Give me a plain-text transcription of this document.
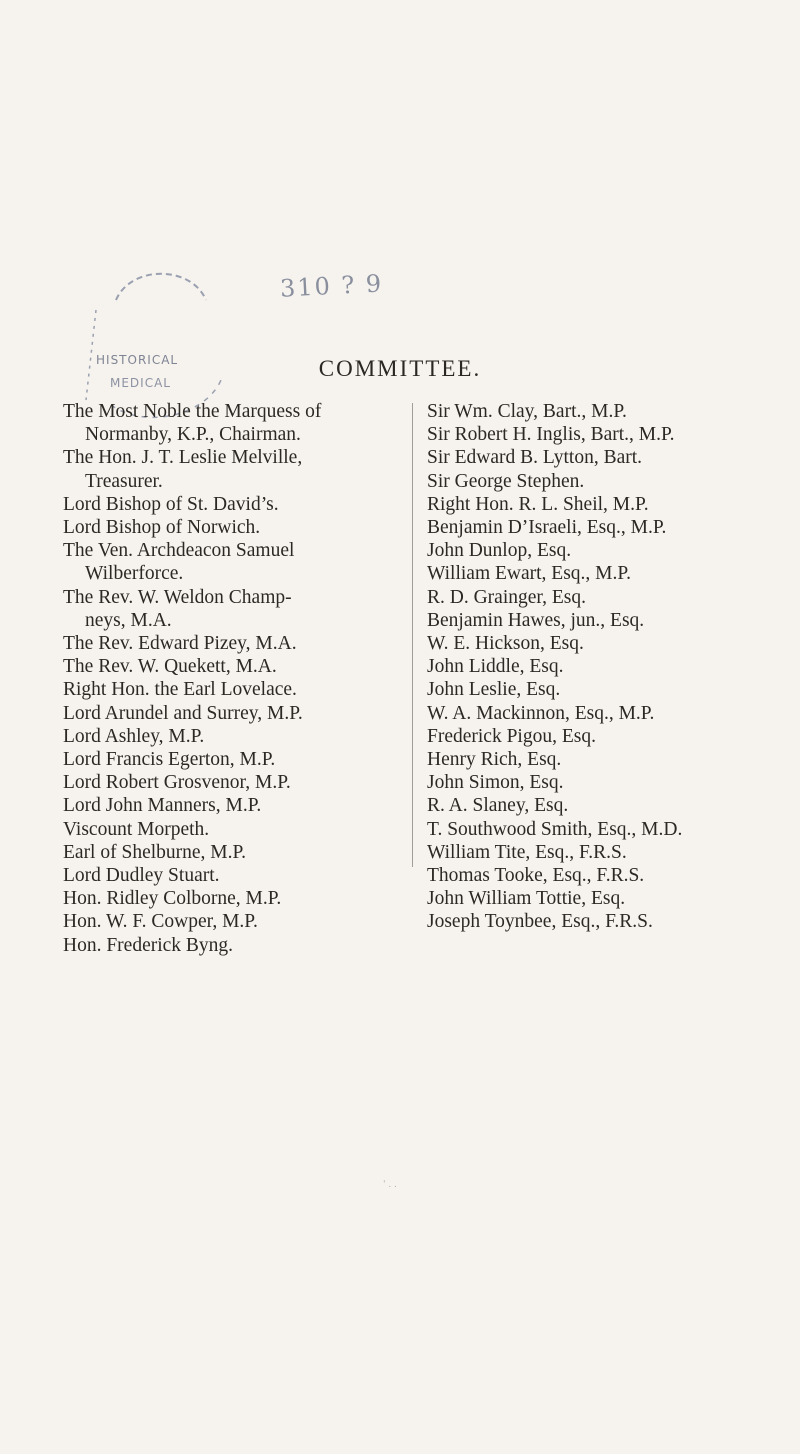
HISTORICAL
MEDICAL
310 ? 9
COMMITTEE.
The Most Noble the Marquess of
Normanby, K.P., Chairman.
The Hon. J. T. Leslie Melville,
Treasurer.
Lord Bishop of St. David’s.
Lord Bishop of Norwich.
The Ven. Archdeacon Samuel
Wilberforce.
The Rev. W. Weldon Champ-
neys, M.A.
The Rev. Edward Pizey, M.A.
The Rev. W. Quekett, M.A.
Right Hon. the Earl Lovelace.
Lord Arundel and Surrey, M.P.
Lord Ashley, M.P.
Lord Francis Egerton, M.P.
Lord Robert Grosvenor, M.P.
Lord John Manners, M.P.
Viscount Morpeth.
Earl of Shelburne, M.P.
Lord Dudley Stuart.
Hon. Ridley Colborne, M.P.
Hon. W. F. Cowper, M.P.
Hon. Frederick Byng.
Sir Wm. Clay, Bart., M.P.
Sir Robert H. Inglis, Bart., M.P.
Sir Edward B. Lytton, Bart.
Sir George Stephen.
Right Hon. R. L. Sheil, M.P.
Benjamin D’Israeli, Esq., M.P.
John Dunlop, Esq.
William Ewart, Esq., M.P.
R. D. Grainger, Esq.
Benjamin Hawes, jun., Esq.
W. E. Hickson, Esq.
John Liddle, Esq.
John Leslie, Esq.
W. A. Mackinnon, Esq., M.P.
Frederick Pigou, Esq.
Henry Rich, Esq.
John Simon, Esq.
R. A. Slaney, Esq.
T. Southwood Smith, Esq., M.D.
William Tite, Esq., F.R.S.
Thomas Tooke, Esq., F.R.S.
John William Tottie, Esq.
Joseph Toynbee, Esq., F.R.S.
' . .
